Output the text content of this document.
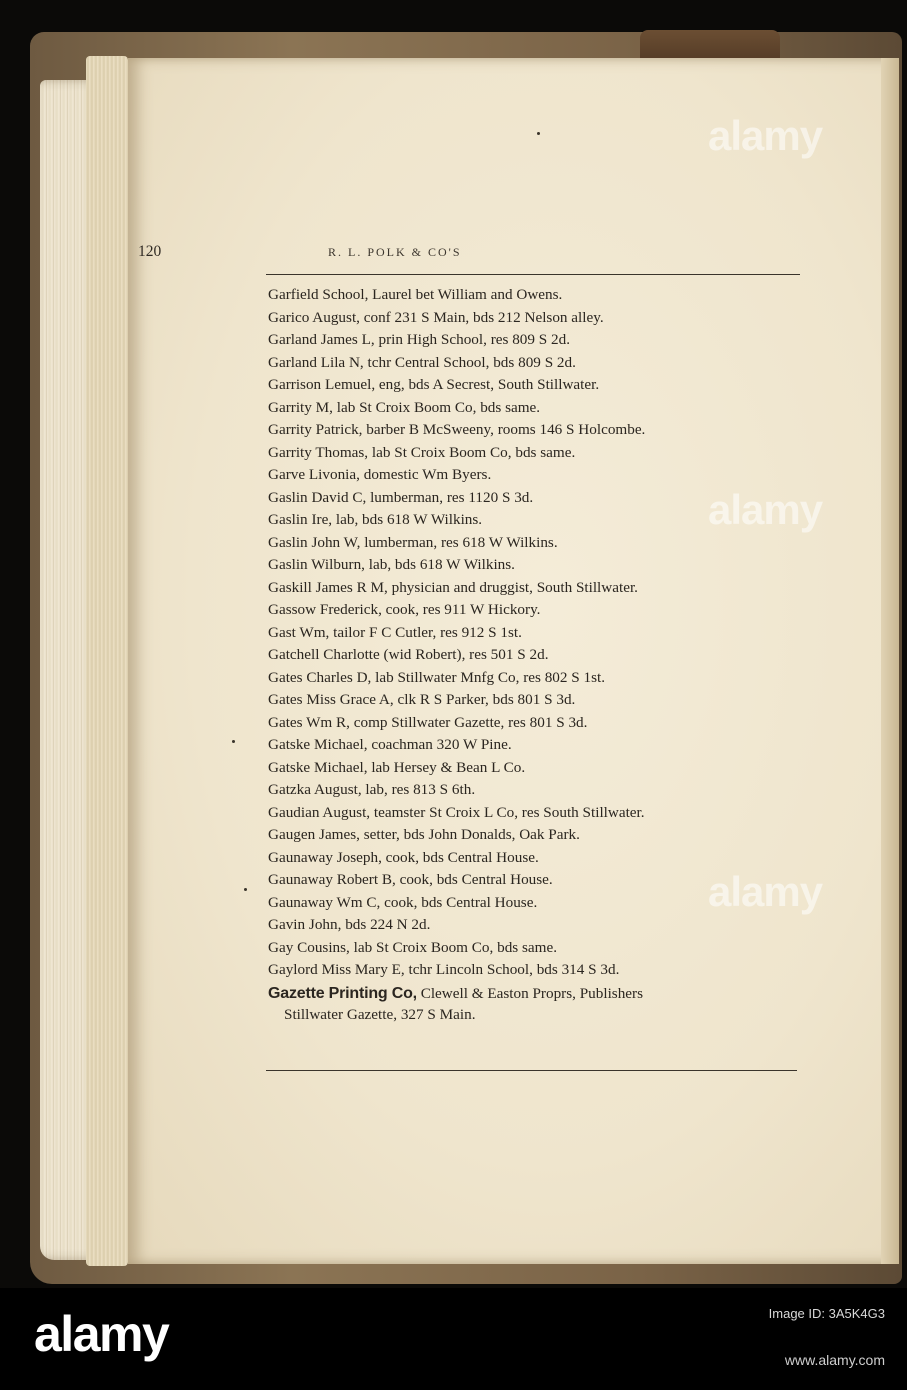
120	R. L. POLK & CO'S
Garfield School, Laurel bet William and Owens.
Garico August, conf 231 S Main, bds 212 Nelson alley.
Garland James L, prin High School, res 809 S 2d.
Garland Lila N, tchr Central School, bds 809 S 2d.
Garrison Lemuel, eng, bds A Secrest, South Stillwater.
Garrity M, lab St Croix Boom Co, bds same.
Garrity Patrick, barber B McSweeny, rooms 146 S Holcombe.
Garrity Thomas, lab St Croix Boom Co, bds same.
Garve Livonia, domestic Wm Byers.
Gaslin David C, lumberman, res 1120 S 3d.
Gaslin Ire, lab, bds 618 W Wilkins.
Gaslin John W, lumberman, res 618 W Wilkins.
Gaslin Wilburn, lab, bds 618 W Wilkins.
Gaskill James R M, physician and druggist, South Stillwater.
Gassow Frederick, cook, res 911 W Hickory.
Gast Wm, tailor F C Cutler, res 912 S 1st.
Gatchell Charlotte (wid Robert), res 501 S 2d.
Gates Charles D, lab Stillwater Mnfg Co, res 802 S 1st.
Gates Miss Grace A, clk R S Parker, bds 801 S 3d.
Gates Wm R, comp Stillwater Gazette, res 801 S 3d.
Gatske Michael, coachman 320 W Pine.
Gatske Michael, lab Hersey & Bean L Co.
Gatzka August, lab, res 813 S 6th.
Gaudian August, teamster St Croix L Co, res South Stillwater.
Gaugen James, setter, bds John Donalds, Oak Park.
Gaunaway Joseph, cook, bds Central House.
Gaunaway Robert B, cook, bds Central House.
Gaunaway Wm C, cook, bds Central House.
Gavin John, bds 224 N 2d.
Gay Cousins, lab St Croix Boom Co, bds same.
Gaylord Miss Mary E, tchr Lincoln School, bds 314 S 3d.
Gazette Printing Co, Clewell & Easton Proprs, Publishers
Stillwater Gazette, 327 S Main.
alamy
alamy
alamy
alamy	Image ID: 3A5K4G3
www.alamy.com
